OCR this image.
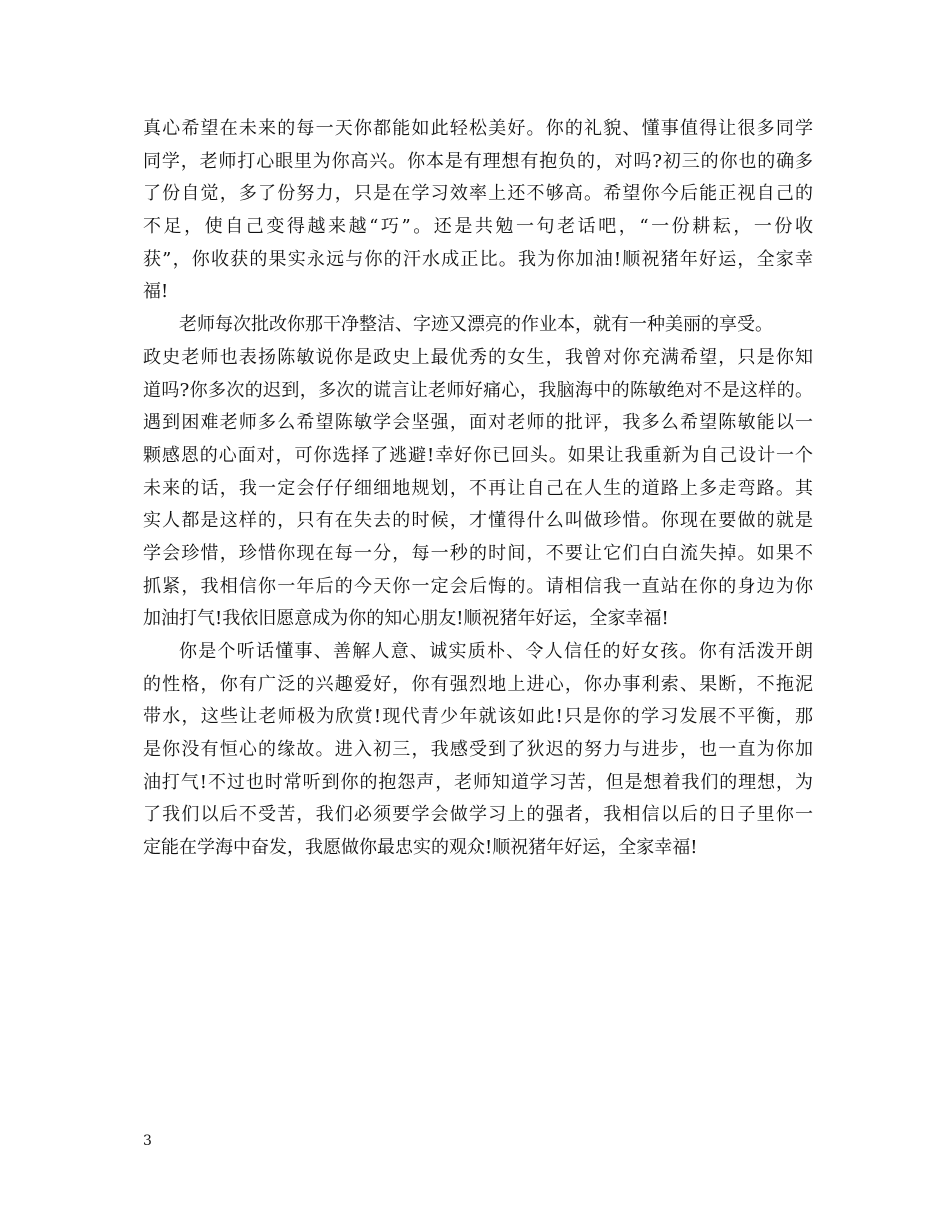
真心希望在未来的每一天你都能如此轻松美好。你的礼貌、懂事值得让很多同学
同学，老师打心眼里为你高兴。你本是有理想有抱负的，对吗?初三的你也的确多
了份自觉，多了份努力，只是在学习效率上还不够高。希望你今后能正视自己的
不足，使自己变得越来越“巧”。还是共勉一句老话吧，“一份耕耘，一份收
获”，你收获的果实永远与你的汗水成正比。我为你加油!顺祝猪年好运，全家幸
福!
老师每次批改你那干净整洁、字迹又漂亮的作业本，就有一种美丽的享受。
政史老师也表扬陈敏说你是政史上最优秀的女生，我曾对你充满希望，只是你知
道吗?你多次的迟到，多次的谎言让老师好痛心，我脑海中的陈敏绝对不是这样的。
遇到困难老师多么希望陈敏学会坚强，面对老师的批评，我多么希望陈敏能以一
颗感恩的心面对，可你选择了逃避!幸好你已回头。如果让我重新为自己设计一个
未来的话，我一定会仔仔细细地规划，不再让自己在人生的道路上多走弯路。其
实人都是这样的，只有在失去的时候，才懂得什么叫做珍惜。你现在要做的就是
学会珍惜，珍惜你现在每一分，每一秒的时间，不要让它们白白流失掉。如果不
抓紧，我相信你一年后的今天你一定会后悔的。请相信我一直站在你的身边为你
加油打气!我依旧愿意成为你的知心朋友!顺祝猪年好运，全家幸福!
你是个听话懂事、善解人意、诚实质朴、令人信任的好女孩。你有活泼开朗
的性格，你有广泛的兴趣爱好，你有强烈地上进心，你办事利索、果断，不拖泥
带水，这些让老师极为欣赏!现代青少年就该如此!只是你的学习发展不平衡，那
是你没有恒心的缘故。进入初三，我感受到了狄迟的努力与进步，也一直为你加
油打气!不过也时常听到你的抱怨声，老师知道学习苦，但是想着我们的理想，为
了我们以后不受苦，我们必须要学会做学习上的强者，我相信以后的日子里你一
定能在学海中奋发，我愿做你最忠实的观众!顺祝猪年好运，全家幸福!
3
